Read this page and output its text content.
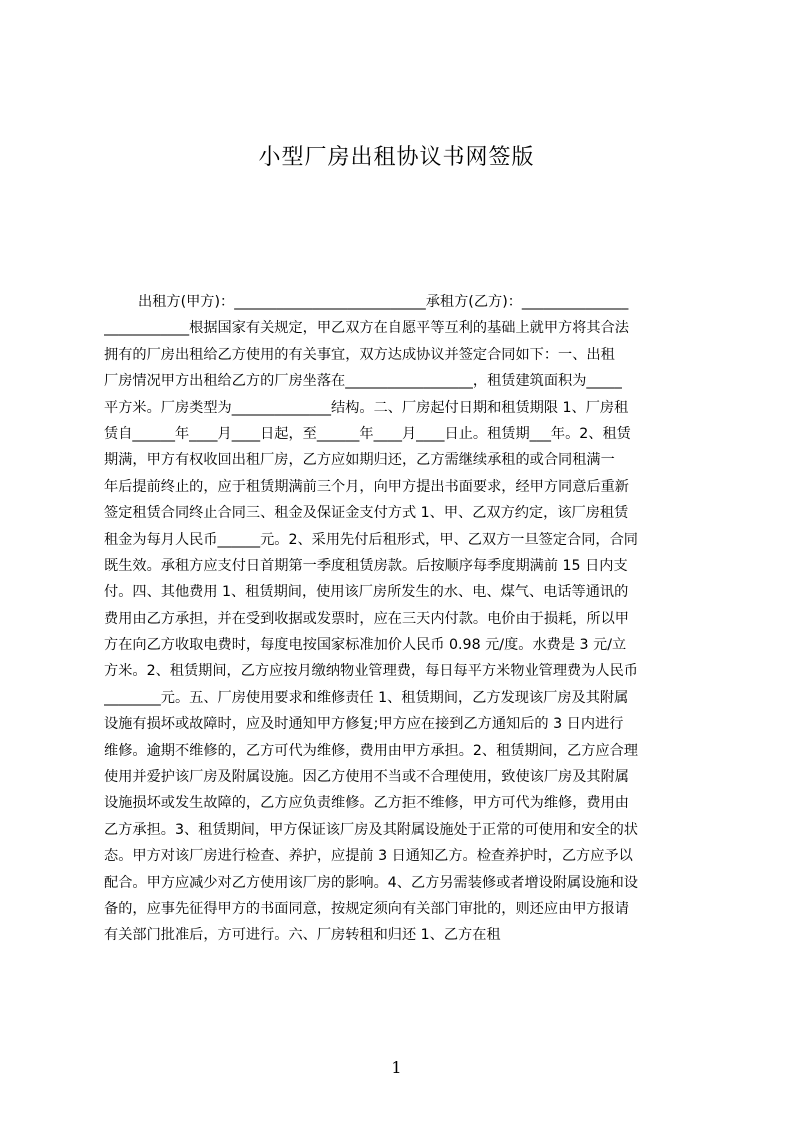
小型厂房出租协议书网签版
出租方(甲方)：___________________________承租方(乙方)：_______________
____________根据国家有关规定，甲乙双方在自愿平等互利的基础上就甲方将其合法
拥有的厂房出租给乙方使用的有关事宜，双方达成协议并签定合同如下：一、出租
厂房情况甲方出租给乙方的厂房坐落在__________________，租赁建筑面积为_____
平方米。厂房类型为______________结构。二、厂房起付日期和租赁期限 1、厂房租
赁自______年____月____日起，至______年____月____日止。租赁期___年。2、租赁
期满，甲方有权收回出租厂房，乙方应如期归还，乙方需继续承租的或合同租满一
年后提前终止的，应于租赁期满前三个月，向甲方提出书面要求，经甲方同意后重新
签定租赁合同终止合同三、租金及保证金支付方式 1、甲、乙双方约定，该厂房租赁
租金为每月人民币______元。2、采用先付后租形式，甲、乙双方一旦签定合同，合同
既生效。承租方应支付日首期第一季度租赁房款。后按顺序每季度期满前 15 日内支
付。四、其他费用 1、租赁期间，使用该厂房所发生的水、电、煤气、电话等通讯的
费用由乙方承担，并在受到收据或发票时，应在三天内付款。电价由于损耗，所以甲
方在向乙方收取电费时，每度电按国家标准加价人民币 0.98 元/度。水费是 3 元/立
方米。2、租赁期间，乙方应按月缴纳物业管理费，每日每平方米物业管理费为人民币
________元。五、厂房使用要求和维修责任 1、租赁期间，乙方发现该厂房及其附属
设施有损坏或故障时，应及时通知甲方修复;甲方应在接到乙方通知后的 3 日内进行
维修。逾期不维修的，乙方可代为维修，费用由甲方承担。2、租赁期间，乙方应合理
使用并爱护该厂房及附属设施。因乙方使用不当或不合理使用，致使该厂房及其附属
设施损坏或发生故障的，乙方应负责维修。乙方拒不维修，甲方可代为维修，费用由
乙方承担。3、租赁期间，甲方保证该厂房及其附属设施处于正常的可使用和安全的状
态。甲方对该厂房进行检查、养护，应提前 3 日通知乙方。检查养护时，乙方应予以
配合。甲方应减少对乙方使用该厂房的影响。4、乙方另需装修或者增设附属设施和设
备的，应事先征得甲方的书面同意，按规定须向有关部门审批的，则还应由甲方报请
有关部门批准后，方可进行。六、厂房转租和归还 1、乙方在租
1
